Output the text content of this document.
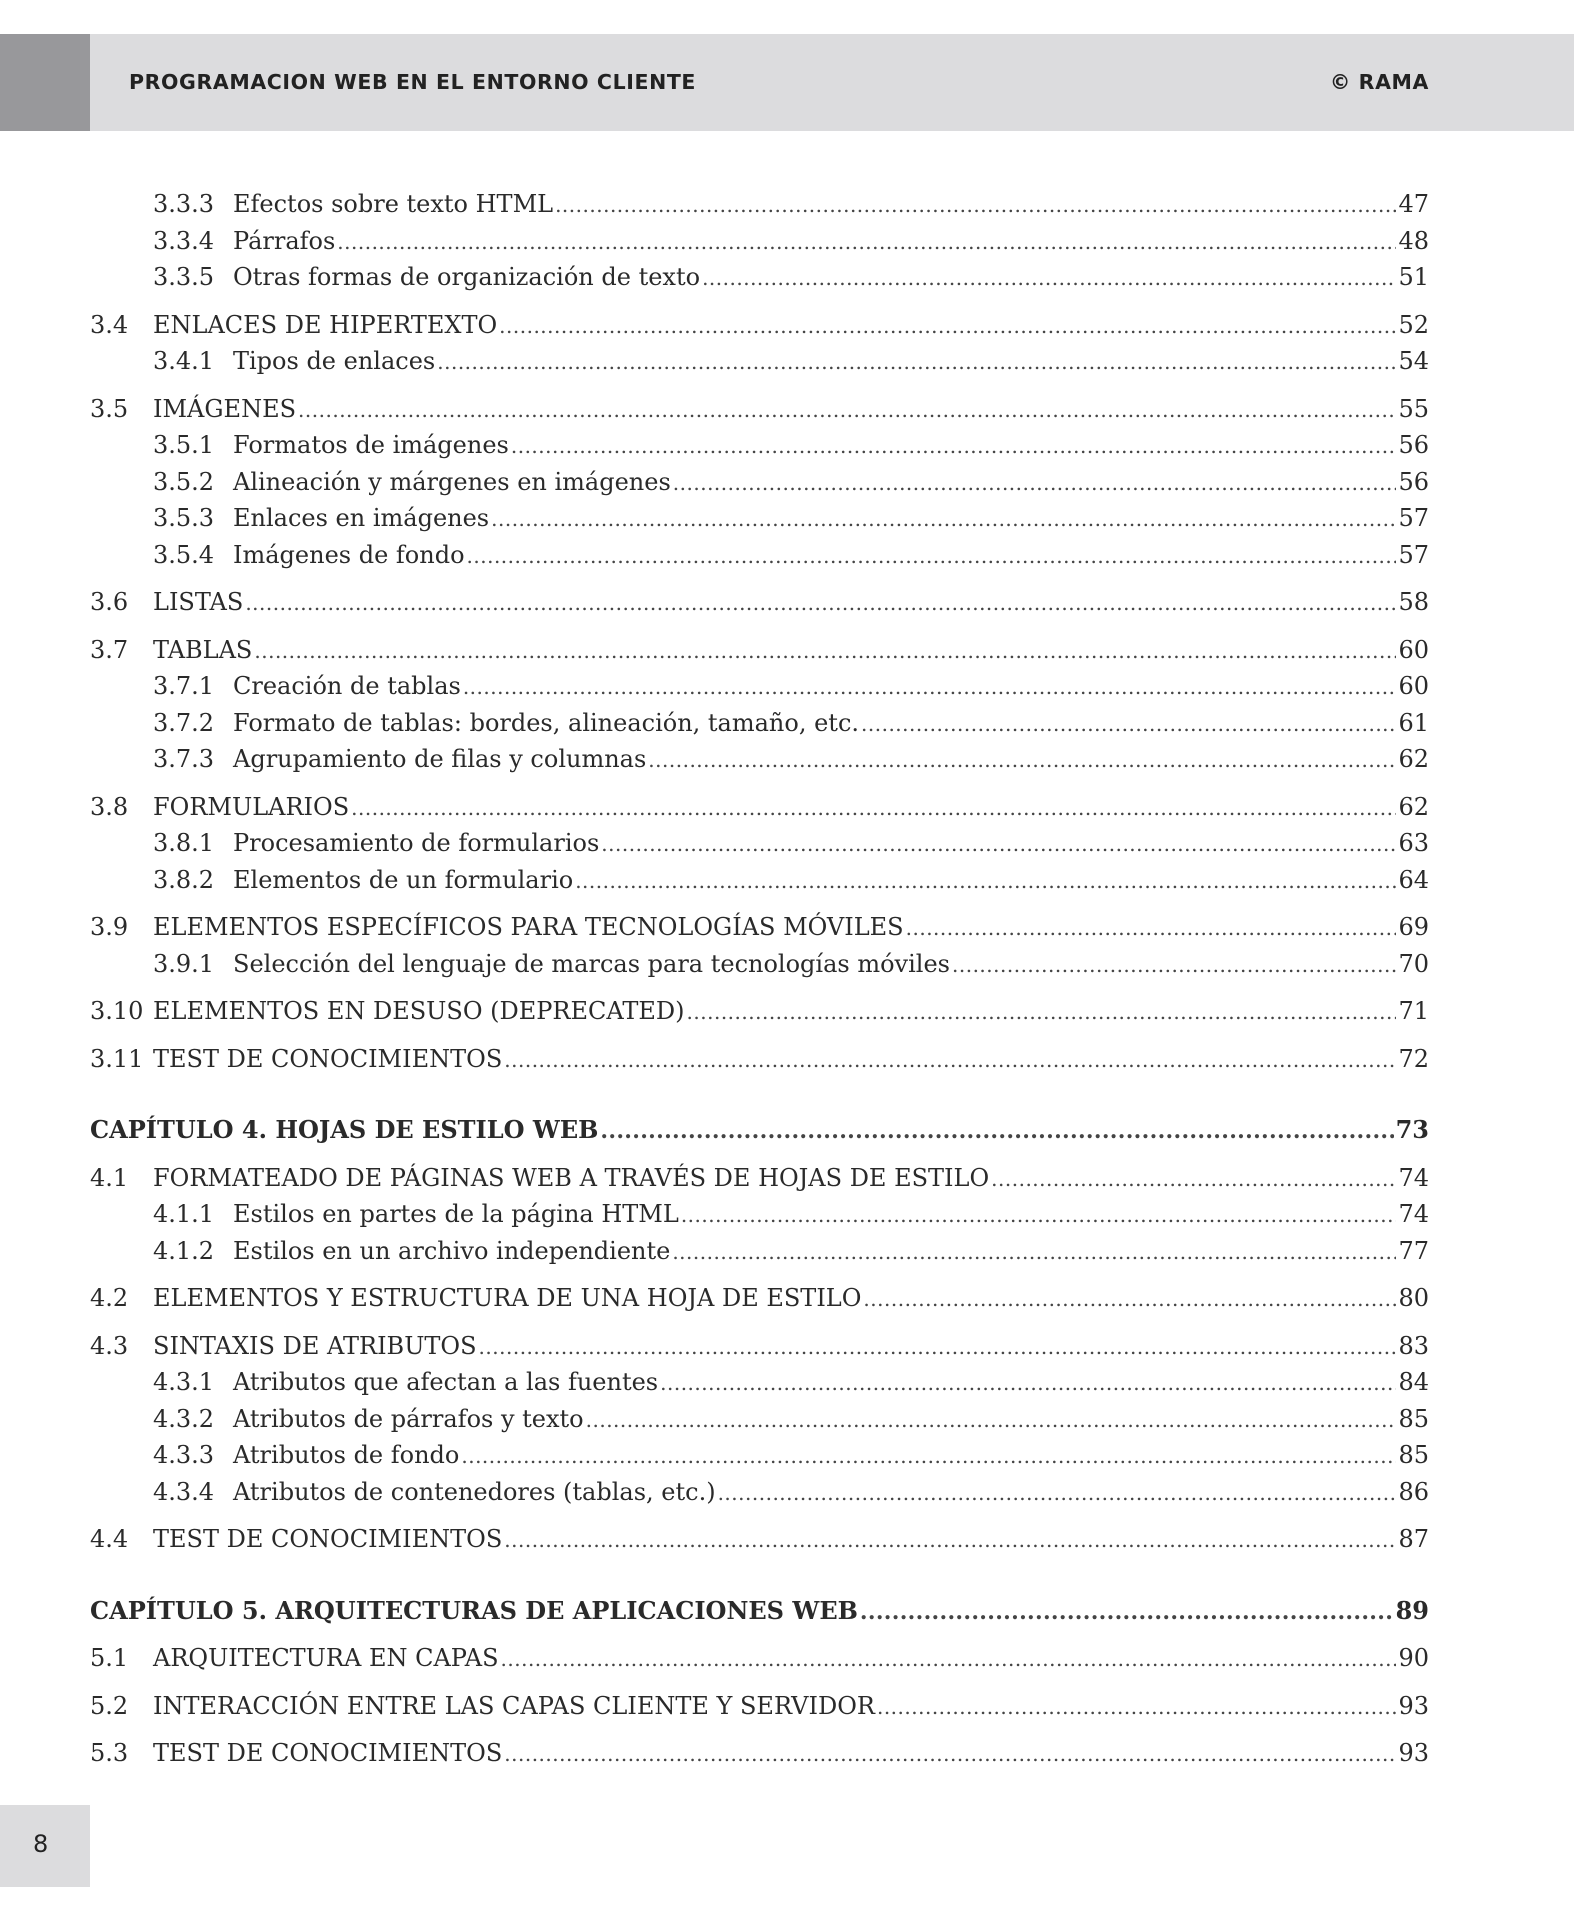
PROGRAMACION WEB EN EL ENTORNO CLIENTE	© RAMA
3.3.3 Efectos sobre texto HTML .....	47
3.3.4 Párrafos .....	48
3.3.5 Otras formas de organización de texto .....	51
3.4	ENLACES DE HIPERTEXTO .....	52
3.4.1 Tipos de enlaces .....	54
3.5	IMÁGENES .....	55
3.5.1 Formatos de imágenes .....	56
3.5.2 Alineación y márgenes en imágenes .....	56
3.5.3 Enlaces en imágenes .....	57
3.5.4 Imágenes de fondo .....	57
3.6	LISTAS .....	58
3.7	TABLAS .....	60
3.7.1 Creación de tablas .....	60
3.7.2 Formato de tablas: bordes, alineación, tamaño, etc. .....	61
3.7.3 Agrupamiento de filas y columnas .....	62
3.8	FORMULARIOS .....	62
3.8.1 Procesamiento de formularios .....	63
3.8.2 Elementos de un formulario .....	64
3.9	ELEMENTOS ESPECÍFICOS PARA TECNOLOGÍAS MÓVILES .....	69
3.9.1 Selección del lenguaje de marcas para tecnologías móviles .....	70
3.10 ELEMENTOS EN DESUSO (DEPRECATED) .....	71
3.11 TEST DE CONOCIMIENTOS .....	72
CAPÍTULO 4. HOJAS DE ESTILO WEB .....	73
4.1	FORMATEADO DE PÁGINAS WEB A TRAVÉS DE HOJAS DE ESTILO .....	74
4.1.1 Estilos en partes de la página HTML .....	74
4.1.2 Estilos en un archivo independiente .....	77
4.2	ELEMENTOS Y ESTRUCTURA DE UNA HOJA DE ESTILO .....	80
4.3	SINTAXIS DE ATRIBUTOS .....	83
4.3.1 Atributos que afectan a las fuentes .....	84
4.3.2 Atributos de párrafos y texto .....	85
4.3.3 Atributos de fondo .....	85
4.3.4 Atributos de contenedores (tablas, etc.) .....	86
4.4	TEST DE CONOCIMIENTOS .....	87
CAPÍTULO 5. ARQUITECTURAS DE APLICACIONES WEB .....	89
5.1	ARQUITECTURA EN CAPAS .....	90
5.2	INTERACCIÓN ENTRE LAS CAPAS CLIENTE Y SERVIDOR .....	93
5.3	TEST DE CONOCIMIENTOS .....	93
8
